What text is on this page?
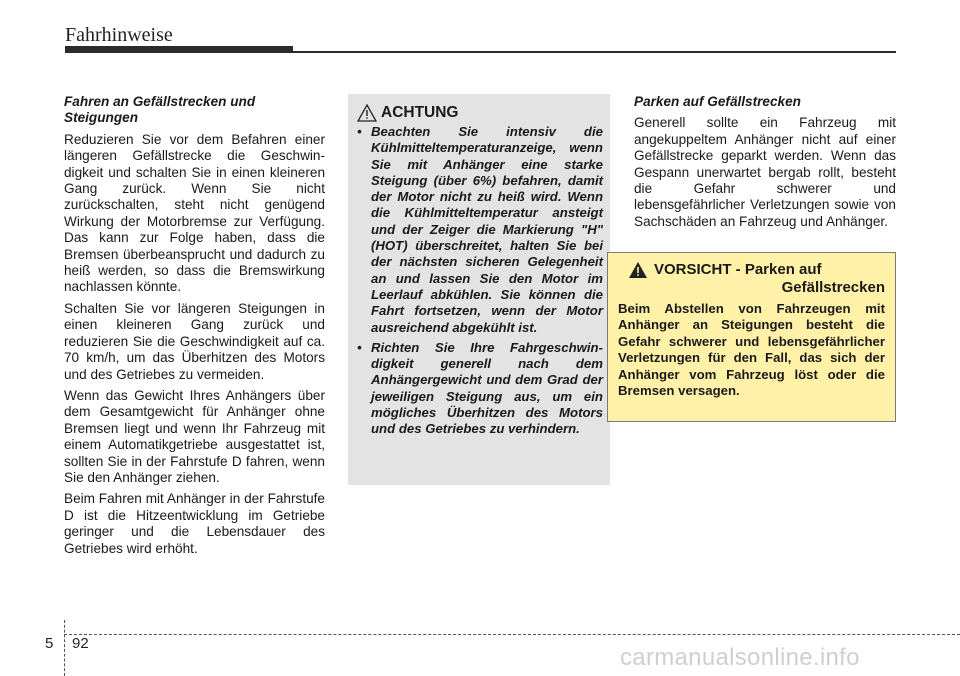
Fahrhinweise

Fahren an Gefällstrecken und Steigungen

Reduzieren Sie vor dem Befahren einer längeren Gefällstrecke die Geschwin-digkeit und schalten Sie in einen kleineren Gang zurück. Wenn Sie nicht zurückschalten, steht nicht genügend Wirkung der Motorbremse zur Verfügung. Das kann zur Folge haben, dass die Bremsen überbeansprucht und dadurch zu heiß werden, so dass die Bremswirkung nachlassen könnte.

Schalten Sie vor längeren Steigungen in einen kleineren Gang zurück und reduzieren Sie die Geschwindigkeit auf ca. 70 km/h, um das Überhitzen des Motors und des Getriebes zu vermeiden.

Wenn das Gewicht Ihres Anhängers über dem Gesamtgewicht für Anhänger ohne Bremsen liegt und wenn Ihr Fahrzeug mit einem Automatikgetriebe ausgestattet ist, sollten Sie in der Fahrstufe D fahren, wenn Sie den Anhänger ziehen.

Beim Fahren mit Anhänger in der Fahrstufe D ist die Hitzeentwicklung im Getriebe geringer und die Lebensdauer des Getriebes wird erhöht.

ACHTUNG
• Beachten Sie intensiv die Kühlmitteltemperaturanzeige, wenn Sie mit Anhänger eine starke Steigung (über 6%) befahren, damit der Motor nicht zu heiß wird. Wenn die Kühlmitteltemperatur ansteigt und der Zeiger die Markierung "H" (HOT) überschreitet, halten Sie bei der nächsten sicheren Gelegenheit an und lassen Sie den Motor im Leerlauf abkühlen. Sie können die Fahrt fortsetzen, wenn der Motor ausreichend abgekühlt ist.
• Richten Sie Ihre Fahrgeschwin-digkeit generell nach dem Anhängergewicht und dem Grad der jeweiligen Steigung aus, um ein mögliches Überhitzen des Motors und des Getriebes zu verhindern.

Parken auf Gefällstrecken

Generell sollte ein Fahrzeug mit angekuppeltem Anhänger nicht auf einer Gefällstrecke geparkt werden. Wenn das Gespann unerwartet bergab rollt, besteht die Gefahr schwerer und lebensgefährlicher Verletzungen sowie von Sachschäden an Fahrzeug und Anhänger.

VORSICHT - Parken auf
Gefällstrecken

Beim Abstellen von Fahrzeugen mit Anhänger an Steigungen besteht die Gefahr schwerer und lebensgefährlicher Verletzungen für den Fall, das sich der Anhänger vom Fahrzeug löst oder die Bremsen versagen.

5 92
carmanualsonline.info
